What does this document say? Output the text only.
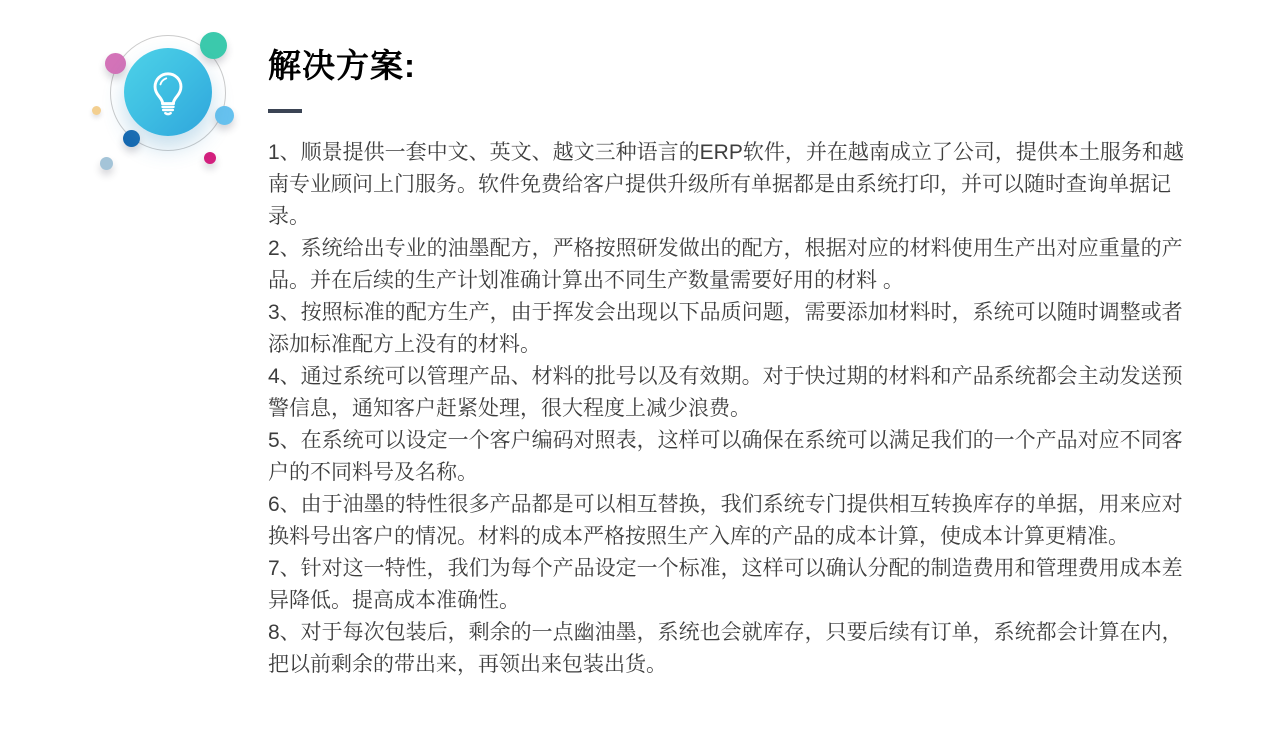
解决方案:

1、顺景提供一套中文、英文、越文三种语言的ERP软件，并在越南成立了公司，提供本土服务和越南专业顾问上门服务。软件免费给客户提供升级所有单据都是由系统打印，并可以随时查询单据记录。

2、系统给出专业的油墨配方，严格按照研发做出的配方，根据对应的材料使用生产出对应重量的产品。并在后续的生产计划准确计算出不同生产数量需要好用的材料 。

3、按照标准的配方生产，由于挥发会出现以下品质问题，需要添加材料时，系统可以随时调整或者添加标准配方上没有的材料。

4、通过系统可以管理产品、材料的批号以及有效期。对于快过期的材料和产品系统都会主动发送预警信息，通知客户赶紧处理，很大程度上减少浪费。

5、在系统可以设定一个客户编码对照表，这样可以确保在系统可以满足我们的一个产品对应不同客户的不同料号及名称。

6、由于油墨的特性很多产品都是可以相互替换，我们系统专门提供相互转换库存的单据，用来应对换料号出客户的情况。材料的成本严格按照生产入库的产品的成本计算，使成本计算更精准。

7、针对这一特性，我们为每个产品设定一个标准，这样可以确认分配的制造费用和管理费用成本差异降低。提高成本准确性。

8、对于每次包装后，剩余的一点幽油墨，系统也会就库存，只要后续有订单，系统都会计算在内，把以前剩余的带出来，再领出来包装出货。
